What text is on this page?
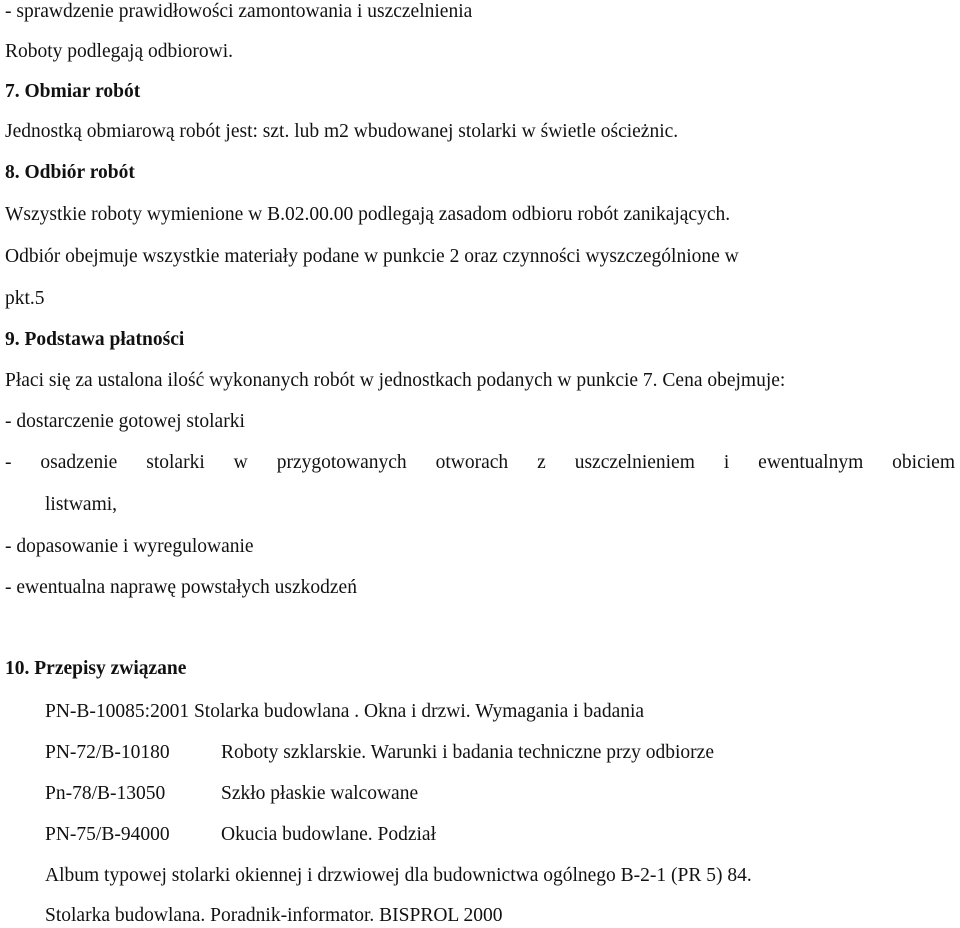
- sprawdzenie prawidłowości zamontowania i uszczelnienia
Roboty podlegają odbiorowi.
7. Obmiar robót
Jednostką obmiarową robót jest: szt. lub m2 wbudowanej stolarki w świetle ościeżnic.
8. Odbiór robót
Wszystkie roboty wymienione w B.02.00.00 podlegają zasadom odbioru robót zanikających.
Odbiór obejmuje wszystkie materiały podane w punkcie 2 oraz czynności wyszczególnione w
pkt.5
9. Podstawa płatności
Płaci się za ustalona ilość wykonanych robót w jednostkach podanych w punkcie 7. Cena obejmuje:
- dostarczenie gotowej stolarki
- osadzenie stolarki w przygotowanych otworach z uszczelnieniem i ewentualnym obiciem
listwami,
- dopasowanie i wyregulowanie
- ewentualna naprawę powstałych uszkodzeń
10. Przepisy związane
PN-B-10085:2001 Stolarka budowlana . Okna i drzwi. Wymagania i badania
PN-72/B-10180	Roboty szklarskie. Warunki i badania techniczne przy odbiorze
Pn-78/B-13050	Szkło płaskie walcowane
PN-75/B-94000	Okucia budowlane. Podział
Album typowej stolarki okiennej i drzwiowej dla budownictwa ogólnego B-2-1 (PR 5) 84.
Stolarka budowlana. Poradnik-informator. BISPROL 2000
